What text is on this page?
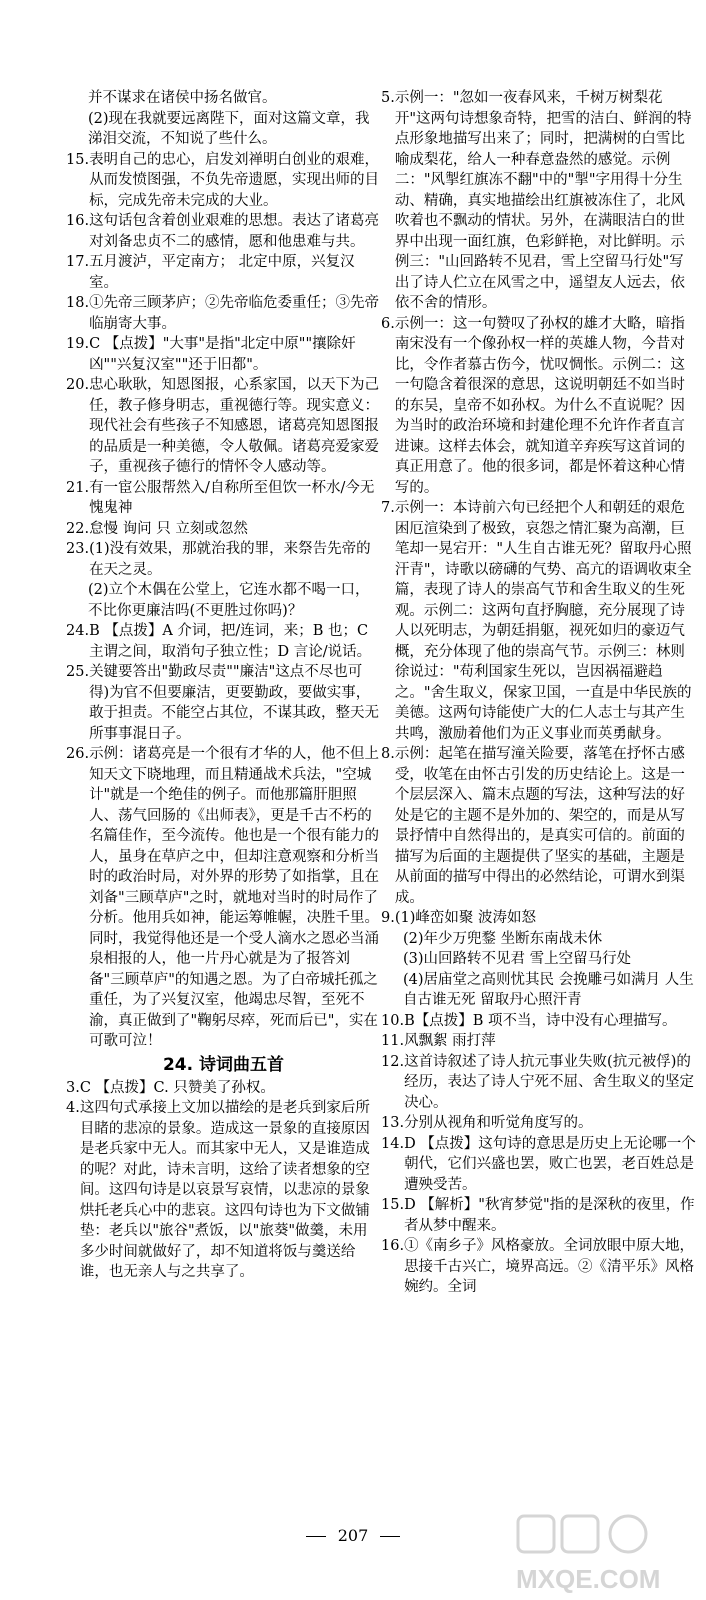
并不谋求在诸侯中扬名做官。
(2)现在我就要远离陛下，面对这篇文章，我涕泪交流，不知说了些什么。
15. 表明自己的忠心，启发刘禅明白创业的艰难，从而发愤图强，不负先帝遗愿，实现出师的目标，完成先帝未完成的大业。
16. 这句话包含着创业艰难的思想。表达了诸葛亮对刘备忠贞不二的感情，愿和他患难与共。
17. 五月渡泸，平定南方； 北定中原，兴复汉室。
18. ①先帝三顾茅庐；②先帝临危委重任；③先帝临崩寄大事。
19. C 【点拨】"大事"是指"北定中原""攘除奸凶""兴复汉室""还于旧都"。
20. 忠心耿耿，知恩图报，心系家国，以天下为己任，教子修身明志，重视德行等。现实意义：现代社会有些孩子不知感恩，诸葛亮知恩图报的品质是一种美德，令人敬佩。诸葛亮爱家爱子，重视孩子德行的情怀令人感动等。
21. 有一宦公服帮然入/自称所至但饮一杯水/今无愧鬼神
22. 怠慢 询问 只 立刻或忽然
23. (1)没有效果，那就治我的罪，来祭告先帝的在天之灵。
(2)立个木偶在公堂上，它连水都不喝一口，不比你更廉洁吗(不更胜过你吗)？
24. B 【点拨】A 介词，把/连词，来；B 也；C 主谓之间，取消句子独立性；D 言论/说话。
25. 关键要答出"勤政尽责""廉洁"这点不尽也可得)为官不但要廉洁，更要勤政，要做实事，敢于担责。不能空占其位，不谋其政，整天无所事事混日子。
26. 示例：诸葛亮是一个很有才华的人，他不但上知天文下晓地理，而且精通战术兵法，"空城计"就是一个绝佳的例子。而他那篇肝胆照人、荡气回肠的《出师表》，更是千古不朽的名篇佳作，至今流传。他也是一个很有能力的人，虽身在草庐之中，但却注意观察和分析当时的政治时局，对外界的形势了如指掌，且在刘备"三顾草庐"之时，就地对当时的时局作了分析。他用兵如神，能运筹帷幄，决胜千里。同时，我觉得他还是一个受人滴水之恩必当涌泉相报的人，他一片丹心就是为了报答刘备"三顾草庐"的知遇之恩。为了白帝城托孤之重任，为了兴复汉室，他竭忠尽智，至死不渝，真正做到了"鞠躬尽瘁，死而后已"，实在可歌可泣！
24. 诗词曲五首
3. C 【点拨】C. 只赞美了孙权。
4. 这四句式承接上文加以描绘的是老兵到家后所目睹的悲凉的景象。造成这一景象的直接原因是老兵家中无人。而其家中无人，又是谁造成的呢？对此，诗未言明，这给了读者想象的空间。这四句诗是以哀景写哀情，以悲凉的景象烘托老兵心中的悲哀。这四句诗也为下文做铺垫：老兵以"旅谷"煮饭，以"旅葵"做羹，未用多少时间就做好了，却不知道将饭与羹送给谁，也无亲人与之共享了。
5. 示例一："忽如一夜春风来，千树万树梨花开"这两句诗想象奇特，把雪的洁白、鲜润的特点形象地描写出来了；同时，把满树的白雪比喻成梨花，给人一种春意盎然的感觉。示例二："风掣红旗冻不翻"中的"掣"字用得十分生动、精确，真实地描绘出红旗被冻住了，北风吹着也不飘动的情状。另外，在满眼洁白的世界中出现一面红旗，色彩鲜艳，对比鲜明。示例三："山回路转不见君，雪上空留马行处"写出了诗人伫立在风雪之中，遥望友人远去，依依不舍的情形。
6. 示例一：这一句赞叹了孙权的雄才大略，暗指南宋没有一个像孙权一样的英雄人物，今昔对比，令作者慕古伤今，忧叹惆怅。示例二：这一句隐含着很深的意思，这说明朝廷不如当时的东吴，皇帝不如孙权。为什么不直说呢？因为当时的政治环境和封建伦理不允许作者直言进谏。这样去体会，就知道辛弃疾写这首词的真正用意了。他的很多词，都是怀着这种心情写的。
7. 示例一：本诗前六句已经把个人和朝廷的艰危困厄渲染到了极致，哀怨之情汇聚为高潮，巨笔却一晃宕开："人生自古谁无死？留取丹心照汗青"，诗歌以磅礴的气势、高亢的语调收束全篇，表现了诗人的崇高气节和舍生取义的生死观。示例二：这两句直抒胸臆，充分展现了诗人以死明志，为朝廷捐躯，视死如归的豪迈气概，充分体现了他的崇高气节。示例三：林则徐说过："苟利国家生死以，岂因祸福避趋之。"舍生取义，保家卫国，一直是中华民族的美德。这两句诗能使广大的仁人志士与其产生共鸣，激励着他们为正义事业而英勇献身。
8. 示例：起笔在描写潼关险要，落笔在抒怀古感受，收笔在由怀古引发的历史结论上。这是一个层层深入、篇末点题的写法，这种写法的好处是它的主题不是外加的、架空的，而是从写景抒情中自然得出的，是真实可信的。前面的描写为后面的主题提供了坚实的基础，主题是从前面的描写中得出的必然结论，可谓水到渠成。
9. (1)峰峦如聚 波涛如怒
(2)年少万兜鍪 坐断东南战未休
(3)山回路转不见君 雪上空留马行处
(4)居庙堂之高则忧其民 会挽雕弓如满月 人生自古谁无死 留取丹心照汗青
10. B【点拨】B 项不当，诗中没有心理描写。
11. 风飘絮 雨打萍
12. 这首诗叙述了诗人抗元事业失败(抗元被俘)的经历，表达了诗人宁死不屈、舍生取义的坚定决心。
13. 分别从视角和听觉角度写的。
14. D 【点拨】这句诗的意思是历史上无论哪一个朝代，它们兴盛也罢，败亡也罢，老百姓总是遭殃受苦。
15. D 【解析】"秋宵梦觉"指的是深秋的夜里，作者从梦中醒来。
16. ①《南乡子》风格豪放。全词放眼中原大地，思接千古兴亡，境界高远。②《清平乐》风格婉约。全词
207
MXQE.COM
